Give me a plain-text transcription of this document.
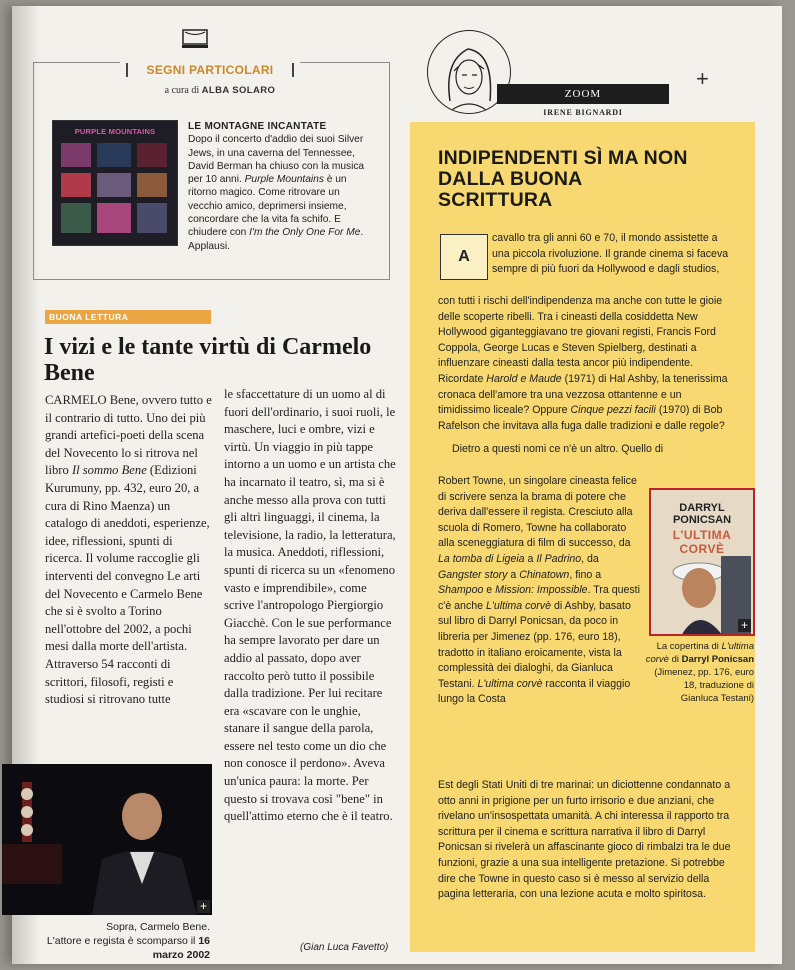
SEGNI PARTICOLARI
a cura di ALBA SOLARO
PURPLE MOUNTAINS	LE MONTAGNE INCANTATE
Dopo il concerto d'addio dei suoi Silver Jews, in una caverna del Tennessee, David Berman ha chiuso con la musica per 10 anni. Purple Mountains è un ritorno magico. Come ritrovare un vecchio amico, deprimersi insieme, concordare che la vita fa schifo. E chiudere con I'm the Only One For Me. Applausi.
BUONA LETTURA
I vizi e le tante virtù di Carmelo Bene
CARMELO Bene, ovvero tutto e il contrario di tutto. Uno dei più grandi artefici-poeti della scena del Novecento lo si ritrova nel libro Il sommo Bene (Edizioni Kurumuny, pp. 432, euro 20, a cura di Rino Maenza) un catalogo di aneddoti, esperienze, idee, riflessioni, spunti di ricerca. Il volume raccoglie gli interventi del convegno Le arti del Novecento e Carmelo Bene che si è svolto a Torino nell'ottobre del 2002, a pochi mesi dalla morte dell'artista. Attraverso 54 racconti di scrittori, filosofi, registi e studiosi si ritrovano tutte
le sfaccettature di un uomo al di fuori dell'ordinario, i suoi ruoli, le maschere, luci e ombre, vizi e virtù. Un viaggio in più tappe intorno a un uomo e un artista che ha incarnato il teatro, sì, ma si è anche messo alla prova con tutti gli altri linguaggi, il cinema, la televisione, la radio, la letteratura, la musica. Aneddoti, riflessioni, spunti di ricerca su un «fenomeno vasto e imprendibile», come scrive l'antropologo Piergiorgio Giacchè. Con le sue performance ha sempre lavorato per dare un addio al passato, dopo aver raccolto però tutto il possibile dalla tradizione. Per lui recitare era «scavare con le unghie, stanare il sangue della parola, essere nel testo come un dio che non conosce il perdono». Aveva un'unica paura: la morte. Per questo si trovava così "bene" in quell'attimo eterno che è il teatro.
+
Sopra, Carmelo Bene.
L'attore e regista è scomparso il 16 marzo 2002
(Gian Luca Favetto)
ZOOM
IRENE BIGNARDI
+
INDIPENDENTI SÌ MA NON DALLA BUONA SCRITTURA
A
cavallo tra gli anni 60 e 70, il mondo assistette a una piccola rivoluzione. Il grande cinema si faceva sempre di più fuori da Hollywood e dagli studios,
con tutti i rischi dell'indipendenza ma anche con tutte le gioie delle scoperte ribelli. Tra i cineasti della cosiddetta New Hollywood giganteggiavano tre giovani registi, Francis Ford Coppola, George Lucas e Steven Spielberg, destinati a influenzare cineasti dalla testa ancor più indipendente. Ricordate Harold e Maude (1971) di Hal Ashby, la tenerissima cronaca dell'amore tra una vezzosa ottantenne e un timidissimo liceale? Oppure Cinque pezzi facili (1970) di Bob Rafelson che invitava alla fuga dalle tradizioni e dalle regole?
Dietro a questi nomi ce n'è un altro. Quello di
Robert Towne, un singolare cineasta felice di scrivere senza la brama di potere che deriva dall'essere il regista. Cresciuto alla scuola di Romero, Towne ha collaborato alla sceneggiatura di film di successo, da La tomba di Ligeia a Il Padrino, da Gangster story a Chinatown, fino a Shampoo e Mission: Impossible. Tra questi c'è anche L'ultima corvè di Ashby, basato sul libro di Darryl Ponicsan, da poco in libreria per Jimenez (pp. 176, euro 18), tradotto in italiano eroicamente, vista la complessità dei dialoghi, da Gianluca Testani. L'ultima corvè racconta il viaggio lungo la Costa
Est degli Stati Uniti di tre marinai: un diciottenne condannato a otto anni in prigione per un furto irrisorio e due anziani, che rivelano un'insospettata umanità. A chi interessa il rapporto tra scrittura per il cinema e scrittura narrativa il libro di Darryl Ponicsan si rivelerà un affascinante gioco di rimbalzi tra le due funzioni, grazie a una sua intelligente pretazione. Si potrebbe dire che Towne in questo caso si è messo al servizio della pagina letteraria, con una lezione acuta e molto spiritosa.
DARRYL
PONICSAN
L'ULTIMA CORVÈ
+
La copertina di L'ultima corvè di Darryl Ponicsan (Jimenez, pp. 176, euro 18, traduzione di Gianluca Testani)
